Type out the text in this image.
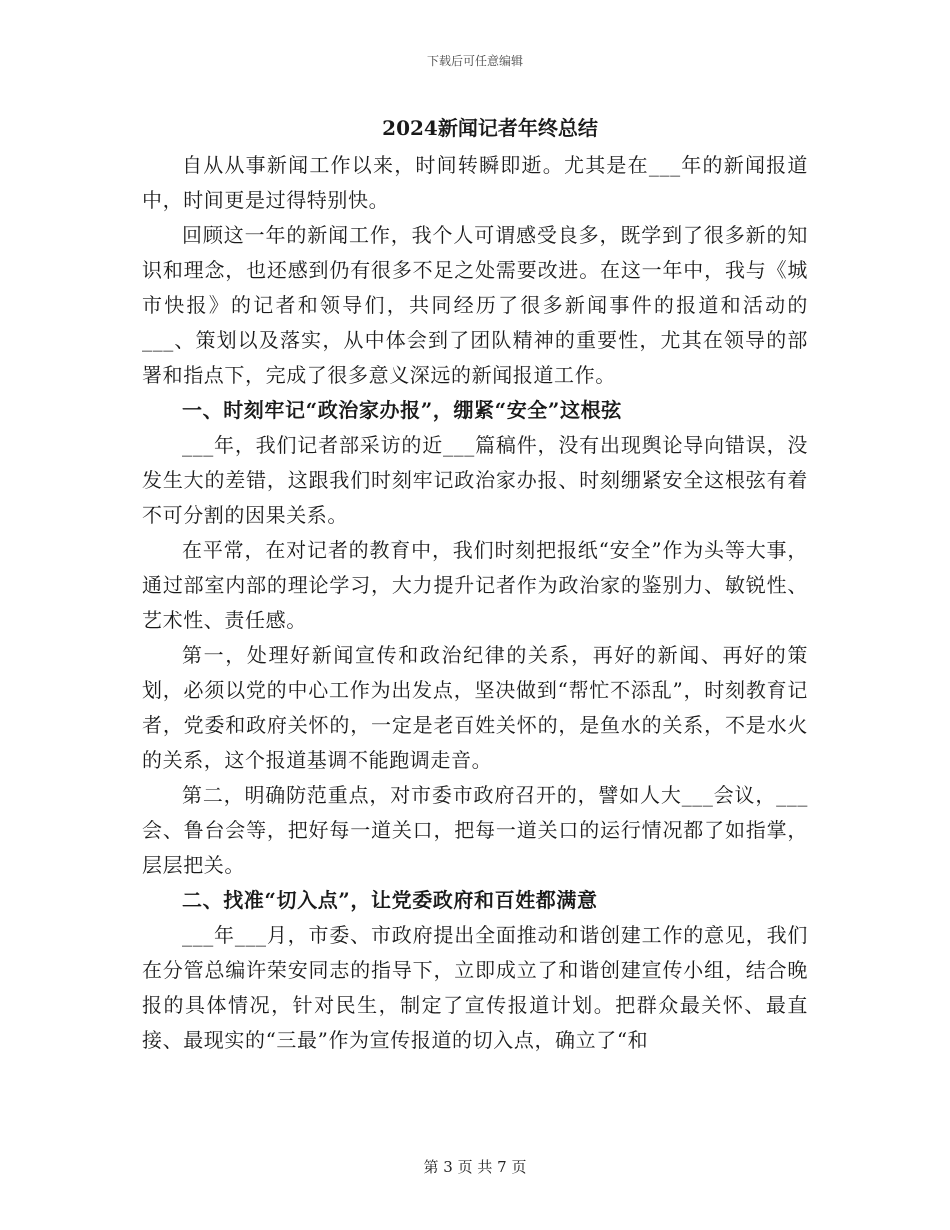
下载后可任意编辑
2024新闻记者年终总结

自从从事新闻工作以来，时间转瞬即逝。尤其是在___年的新闻报道中，时间更是过得特别快。

回顾这一年的新闻工作，我个人可谓感受良多，既学到了很多新的知识和理念，也还感到仍有很多不足之处需要改进。在这一年中，我与《城市快报》的记者和领导们，共同经历了很多新闻事件的报道和活动的___、策划以及落实，从中体会到了团队精神的重要性，尤其在领导的部署和指点下，完成了很多意义深远的新闻报道工作。

一、时刻牢记“政治家办报”，绷紧“安全”这根弦

___年，我们记者部采访的近___篇稿件，没有出现舆论导向错误，没发生大的差错，这跟我们时刻牢记政治家办报、时刻绷紧安全这根弦有着不可分割的因果关系。

在平常，在对记者的教育中，我们时刻把报纸“安全”作为头等大事，通过部室内部的理论学习，大力提升记者作为政治家的鉴别力、敏锐性、艺术性、责任感。

第一，处理好新闻宣传和政治纪律的关系，再好的新闻、再好的策划，必须以党的中心工作为出发点，坚决做到“帮忙不添乱”，时刻教育记者，党委和政府关怀的，一定是老百姓关怀的，是鱼水的关系，不是水火的关系，这个报道基调不能跑调走音。

第二，明确防范重点，对市委市政府召开的，譬如人大___会议，___会、鲁台会等，把好每一道关口，把每一道关口的运行情况都了如指掌，层层把关。

二、找准“切入点”，让党委政府和百姓都满意

___年___月，市委、市政府提出全面推动和谐创建工作的意见，我们在分管总编许荣安同志的指导下，立即成立了和谐创建宣传小组，结合晚报的具体情况，针对民生，制定了宣传报道计划。把群众最关怀、最直接、最现实的“三最”作为宣传报道的切入点，确立了“和

第 3 页 共 7 页
